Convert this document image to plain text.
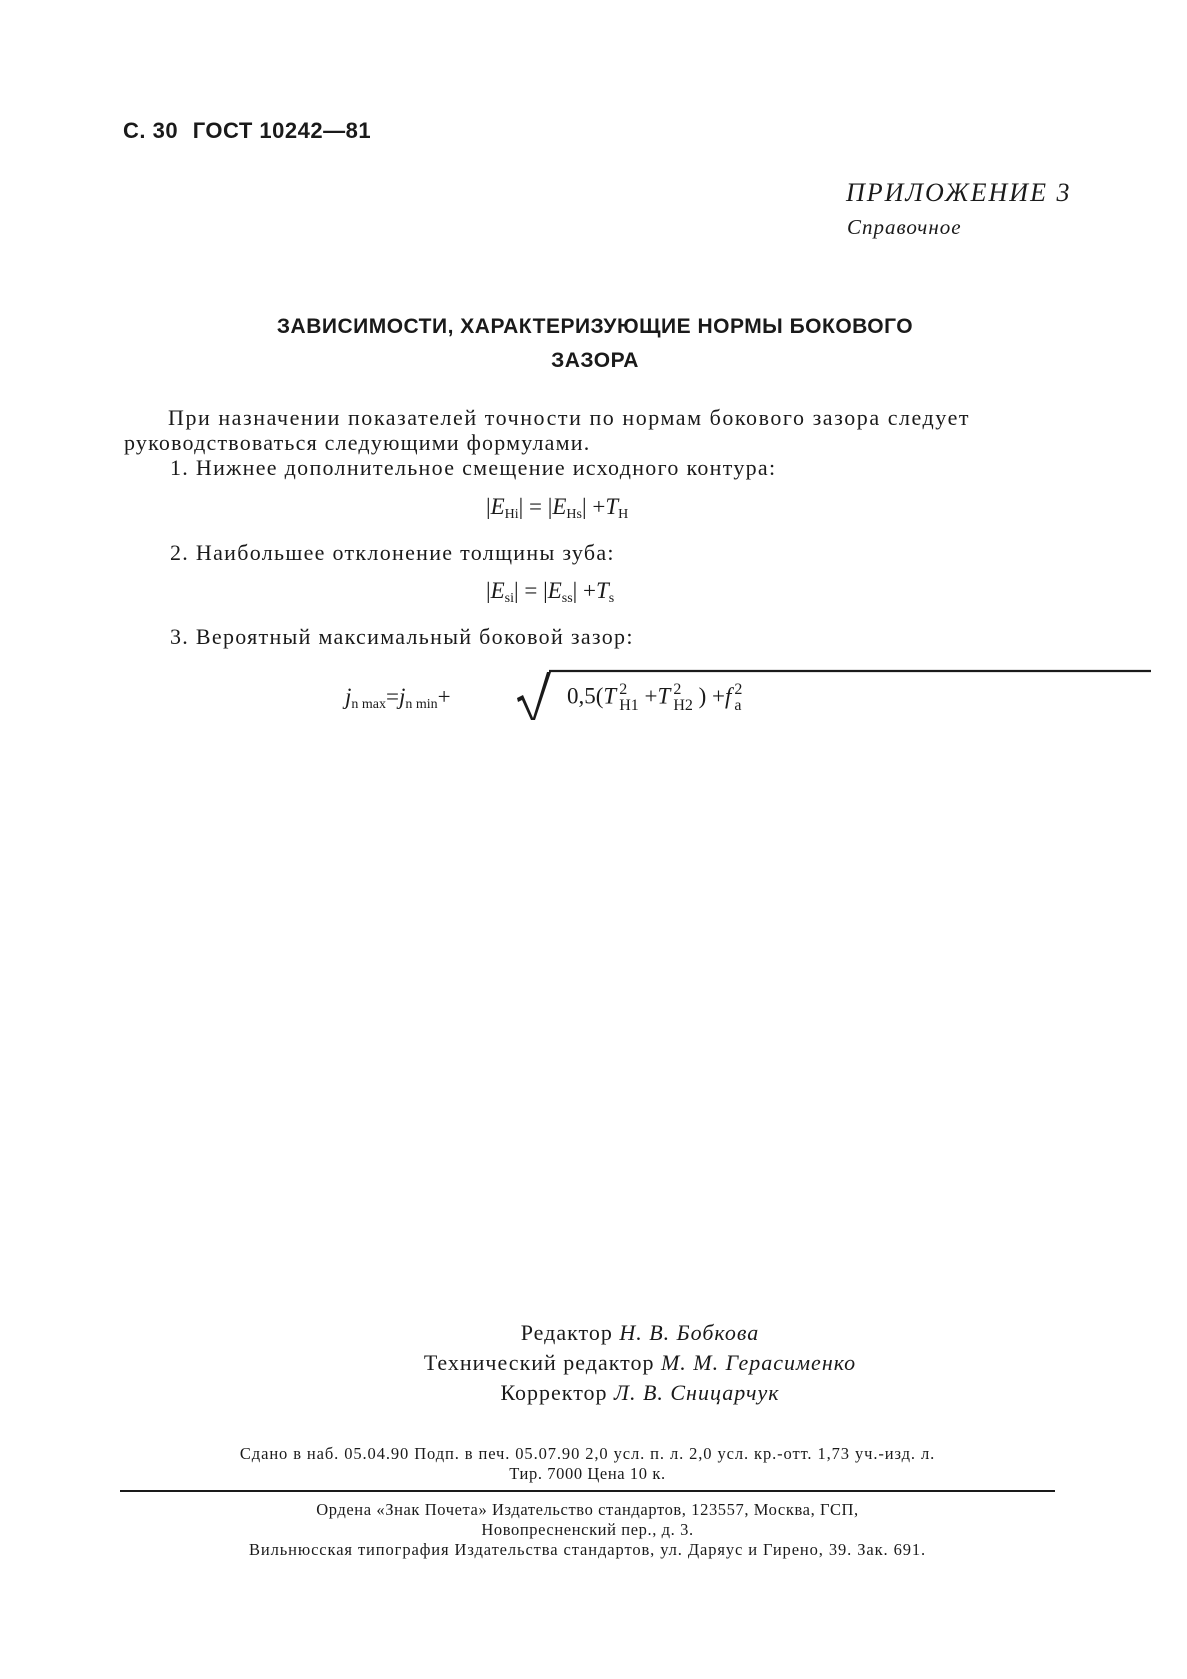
С. 30 ГОСТ 10242—81
ПРИЛОЖЕНИЕ 3
Справочное
ЗАВИСИМОСТИ, ХАРАКТЕРИЗУЮЩИЕ НОРМЫ БОКОВОГО
ЗАЗОРА
При назначении показателей точности по нормам бокового зазора следует
руководствоваться следующими формулами.
1. Нижнее дополнительное смещение исходного контура:
$|E_{Hi}| = |E_{Hs}| +T_H$
2. Наибольшее отклонение толщины зуба:
$|E_{si}| = |E_{ss}| +T_s$
3. Вероятный максимальный боковой зазор:
$j_{n max}=j_{n min}+$	0,5(T 2
H1 +T 2
H2 ) +f 2
a
Редактор Н. В. Бобкова
Технический редактор М. М. Герасименко
Корректор Л. В. Сницарчук
Сдано в наб. 05.04.90 Подп. в печ. 05.07.90 2,0 усл. п. л. 2,0 усл. кр.-отт. 1,73 уч.-изд. л.
Тир. 7000 Цена 10 к.
Ордена «Знак Почета» Издательство стандартов, 123557, Москва, ГСП,
Новопресненский пер., д. 3.
Вильнюсская типография Издательства стандартов, ул. Даряус и Гирено, 39. Зак. 691.
